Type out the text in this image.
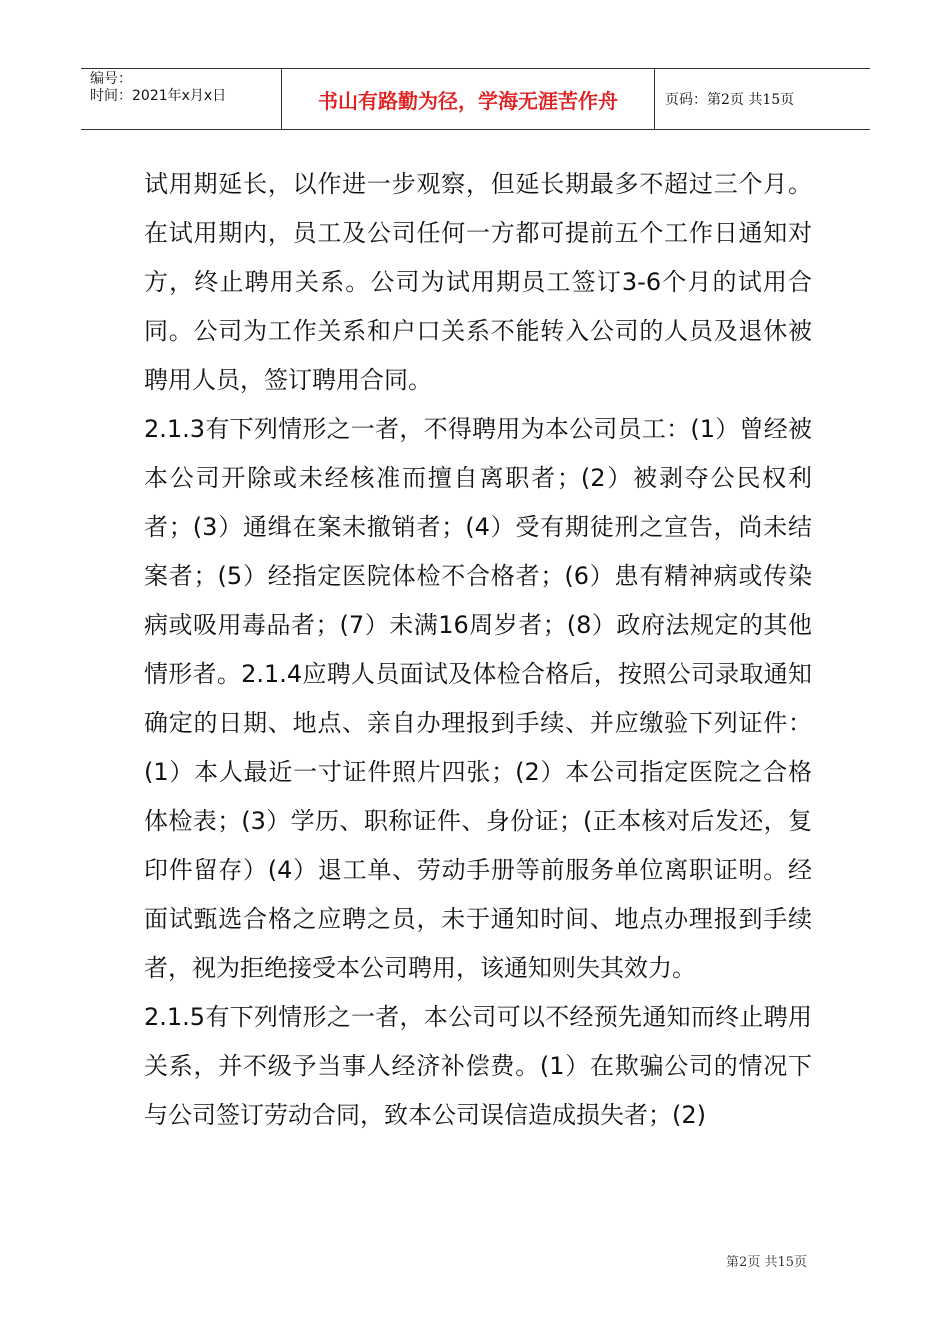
编号：
时间：2021年x月x日	书山有路勤为径，学海无涯苦作舟	页码：第2页 共15页

试用期延长，以作进一步观察，但延长期最多不超过三个月。在试用期内，员工及公司任何一方都可提前五个工作日通知对方，终止聘用关系。公司为试用期员工签订3-6个月的试用合同。公司为工作关系和户口关系不能转入公司的人员及退休被聘用人员，签订聘用合同。

2.1.3有下列情形之一者，不得聘用为本公司员工：(1）曾经被本公司开除或未经核准而擅自离职者；(2）被剥夺公民权利者；(3）通缉在案未撤销者；(4）受有期徒刑之宣告，尚未结案者；(5）经指定医院体检不合格者；(6）患有精神病或传染病或吸用毒品者；(7）未满16周岁者；(8）政府法规定的其他情形者。2.1.4应聘人员面试及体检合格后，按照公司录取通知确定的日期、地点、亲自办理报到手续、并应缴验下列证件：(1）本人最近一寸证件照片四张；(2）本公司指定医院之合格体检表；(3）学历、职称证件、身份证；(正本核对后发还，复印件留存）(4）退工单、劳动手册等前服务单位离职证明。经面试甄选合格之应聘之员，未于通知时间、地点办理报到手续者，视为拒绝接受本公司聘用，该通知则失其效力。

2.1.5有下列情形之一者，本公司可以不经预先通知而终止聘用关系，并不级予当事人经济补偿费。(1）在欺骗公司的情况下与公司签订劳动合同，致本公司误信造成损失者；(2)

第2页 共15页
